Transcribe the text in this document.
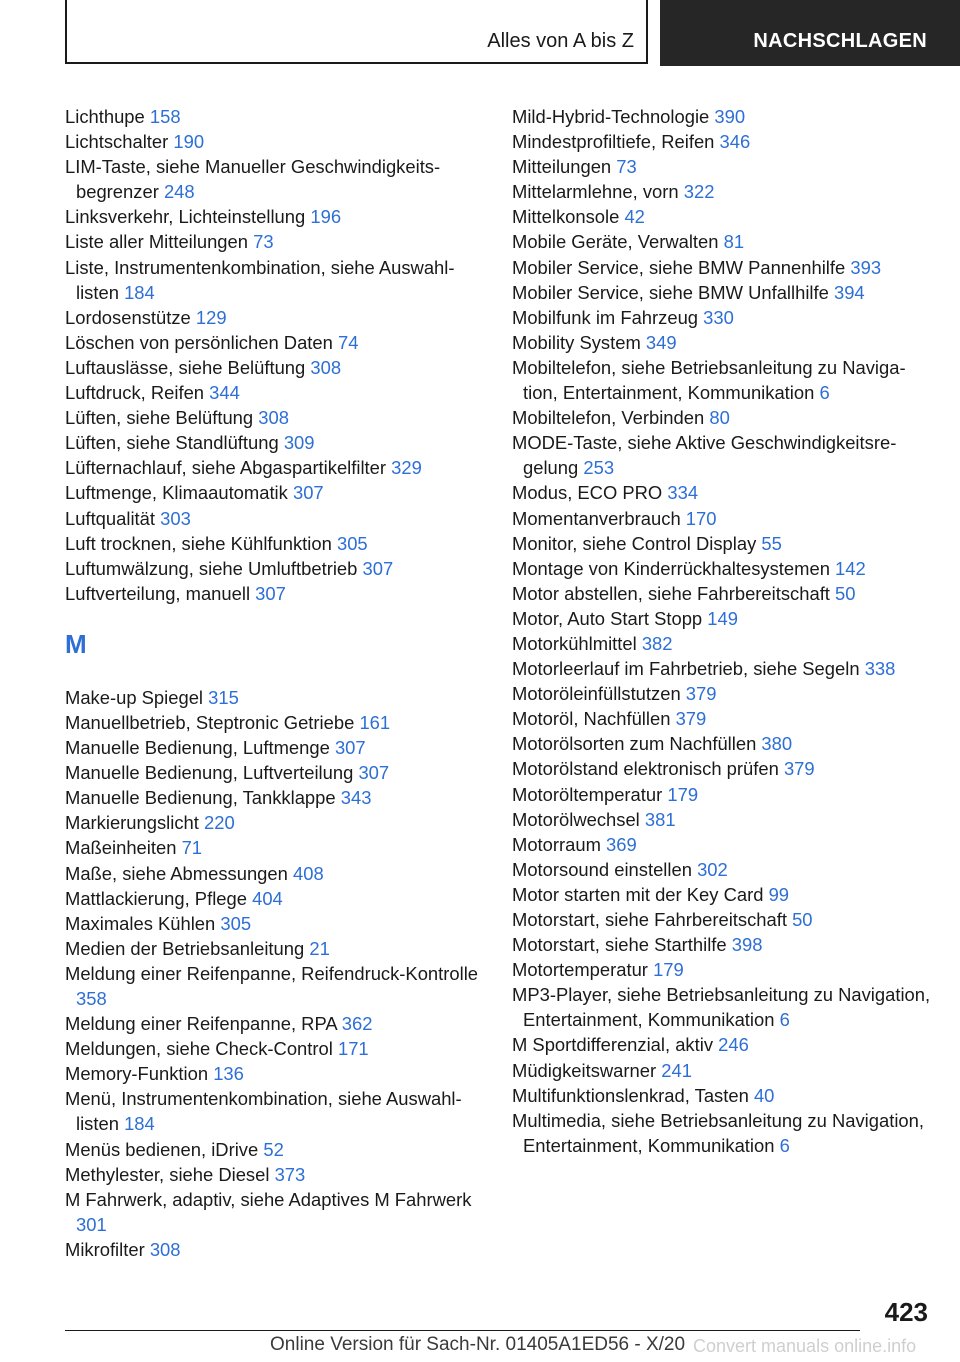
Alles von A bis Z	NACHSCHLAGEN
Lichthupe 158
Lichtschalter 190
LIM-Taste, siehe Manueller Geschwindigkeitsbegrenzer 248
Linksverkehr, Lichteinstellung 196
Liste aller Mitteilungen 73
Liste, Instrumentenkombination, siehe Auswahllisten 184
Lordosenstütze 129
Löschen von persönlichen Daten 74
Luftauslässe, siehe Belüftung 308
Luftdruck, Reifen 344
Lüften, siehe Belüftung 308
Lüften, siehe Standlüftung 309
Lüfternachlauf, siehe Abgaspartikelfilter 329
Luftmenge, Klimaautomatik 307
Luftqualität 303
Luft trocknen, siehe Kühlfunktion 305
Luftumwälzung, siehe Umluftbetrieb 307
Luftverteilung, manuell 307
M
Make-up Spiegel 315
Manuellbetrieb, Steptronic Getriebe 161
Manuelle Bedienung, Luftmenge 307
Manuelle Bedienung, Luftverteilung 307
Manuelle Bedienung, Tankklappe 343
Markierungslicht 220
Maßeinheiten 71
Maße, siehe Abmessungen 408
Mattlackierung, Pflege 404
Maximales Kühlen 305
Medien der Betriebsanleitung 21
Meldung einer Reifenpanne, Reifendruck-Kontrolle 358
Meldung einer Reifenpanne, RPA 362
Meldungen, siehe Check-Control 171
Memory-Funktion 136
Menü, Instrumentenkombination, siehe Auswahllisten 184
Menüs bedienen, iDrive 52
Methylester, siehe Diesel 373
M Fahrwerk, adaptiv, siehe Adaptives M Fahrwerk 301
Mikrofilter 308
Mild-Hybrid-Technologie 390
Mindestprofiltiefe, Reifen 346
Mitteilungen 73
Mittelarmlehne, vorn 322
Mittelkonsole 42
Mobile Geräte, Verwalten 81
Mobiler Service, siehe BMW Pannenhilfe 393
Mobiler Service, siehe BMW Unfallhilfe 394
Mobilfunk im Fahrzeug 330
Mobility System 349
Mobiltelefon, siehe Betriebsanleitung zu Navigation, Entertainment, Kommunikation 6
Mobiltelefon, Verbinden 80
MODE-Taste, siehe Aktive Geschwindigkeitsregelung 253
Modus, ECO PRO 334
Momentanverbrauch 170
Monitor, siehe Control Display 55
Montage von Kinderrückhaltesystemen 142
Motor abstellen, siehe Fahrbereitschaft 50
Motor, Auto Start Stopp 149
Motorkühlmittel 382
Motorleerlauf im Fahrbetrieb, siehe Segeln 338
Motoröleinfüllstutzen 379
Motoröl, Nachfüllen 379
Motorölsorten zum Nachfüllen 380
Motorölstand elektronisch prüfen 379
Motoröltemperatur 179
Motorölwechsel 381
Motorraum 369
Motorsound einstellen 302
Motor starten mit der Key Card 99
Motorstart, siehe Fahrbereitschaft 50
Motorstart, siehe Starthilfe 398
Motortemperatur 179
MP3-Player, siehe Betriebsanleitung zu Navigation, Entertainment, Kommunikation 6
M Sportdifferenzial, aktiv 246
Müdigkeitswarner 241
Multifunktionslenkrad, Tasten 40
Multimedia, siehe Betriebsanleitung zu Navigation, Entertainment, Kommunikation 6
423
Online Version für Sach-Nr. 01405A1ED56 - X/20 Convert manuals online.info
